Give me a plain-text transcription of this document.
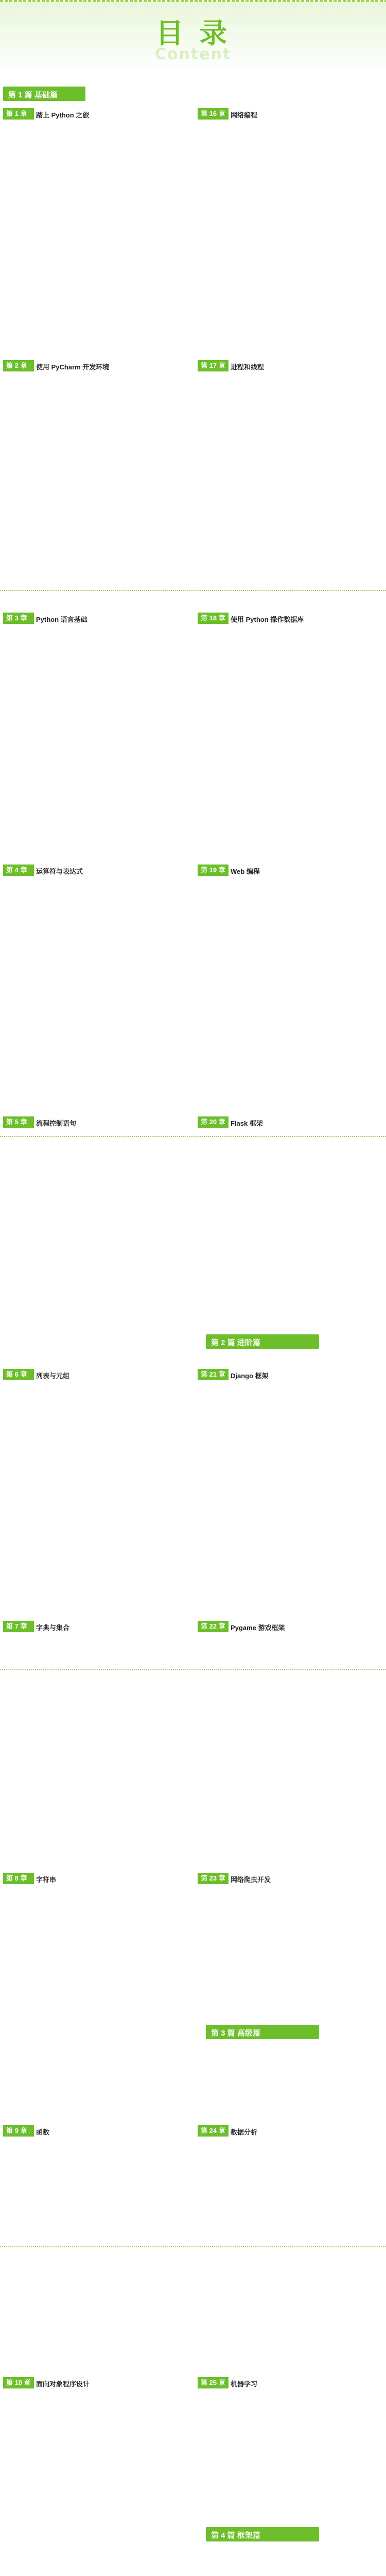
目 录
Content
第 1 篇 基础篇
第 2 篇 进阶篇
第 3 篇 高级篇
第 4 篇 框架篇
第 1 章	踏上 Python 之旅
第 2 章	使用 PyCharm 开发环境
第 3 章	Python 语言基础
第 4 章	运算符与表达式
第 5 章	流程控制语句
第 6 章	列表与元组
第 7 章	字典与集合
第 8 章	字符串
第 9 章	函数
第 10 章 面向对象程序设计
第 16 章 网络编程
第 17 章 进程和线程
第 18 章 使用 Python 操作数据库
第 19 章 Web 编程
第 20 章 Flask 框架
第 21 章 Django 框架
第 22 章 Pygame 游戏框架
第 23 章 网络爬虫开发
第 24 章 数据分析
第 25 章 机器学习
